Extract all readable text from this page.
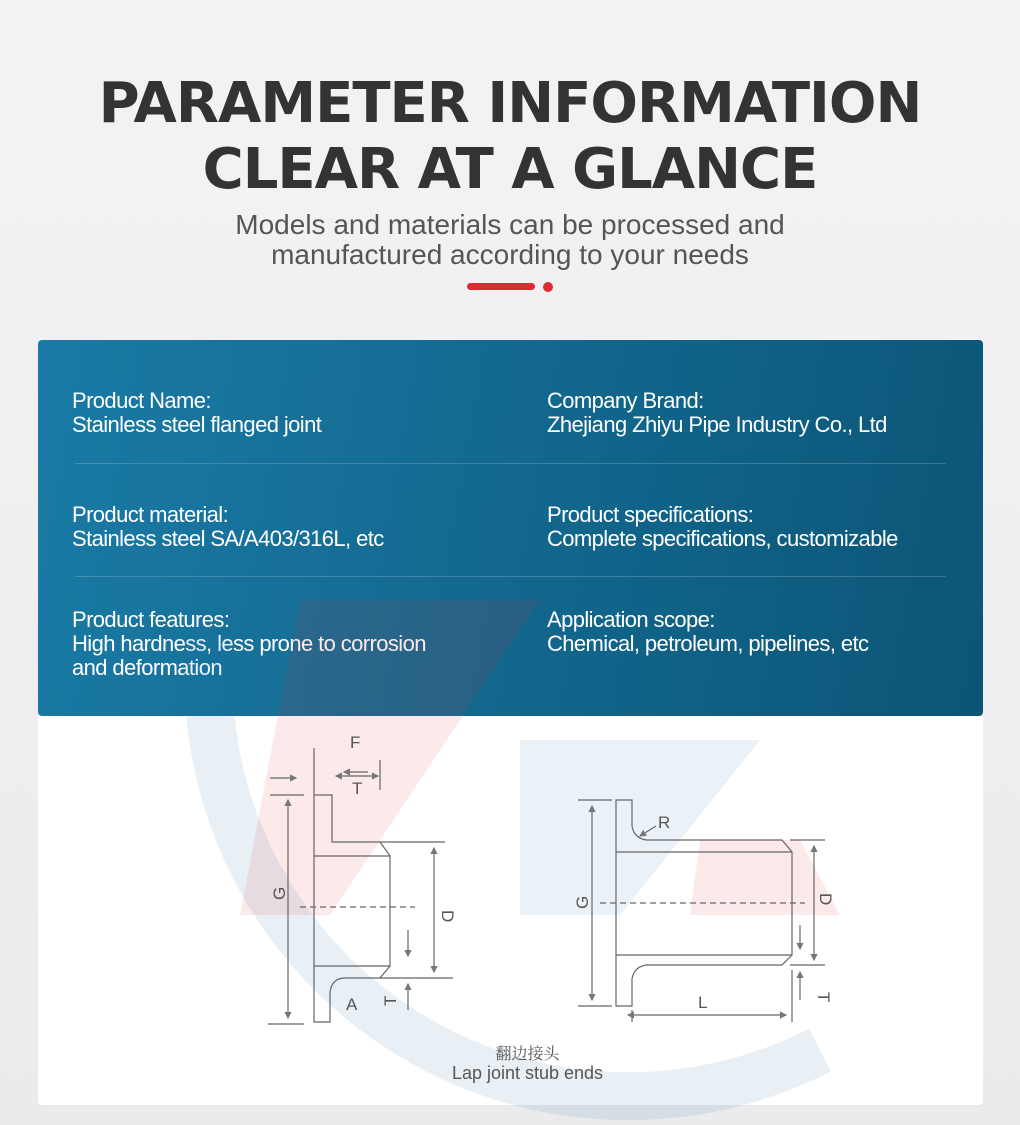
PARAMETER INFORMATION
CLEAR AT A GLANCE
Models and materials can be processed and
manufactured according to your needs
Product Name:
Stainless steel flanged joint
Company Brand:
Zhejiang Zhiyu Pipe Industry Co., Ltd
Product material:
Stainless steel SA/A403/316L, etc
Product specifications:
Complete specifications, customizable
Product features:
High hardness, less prone to corrosion
and deformation
Application scope:
Chemical, petroleum, pipelines, etc
F
T
G
D
A T
R
G	D
L	T
翻边接头
Lap joint stub ends
